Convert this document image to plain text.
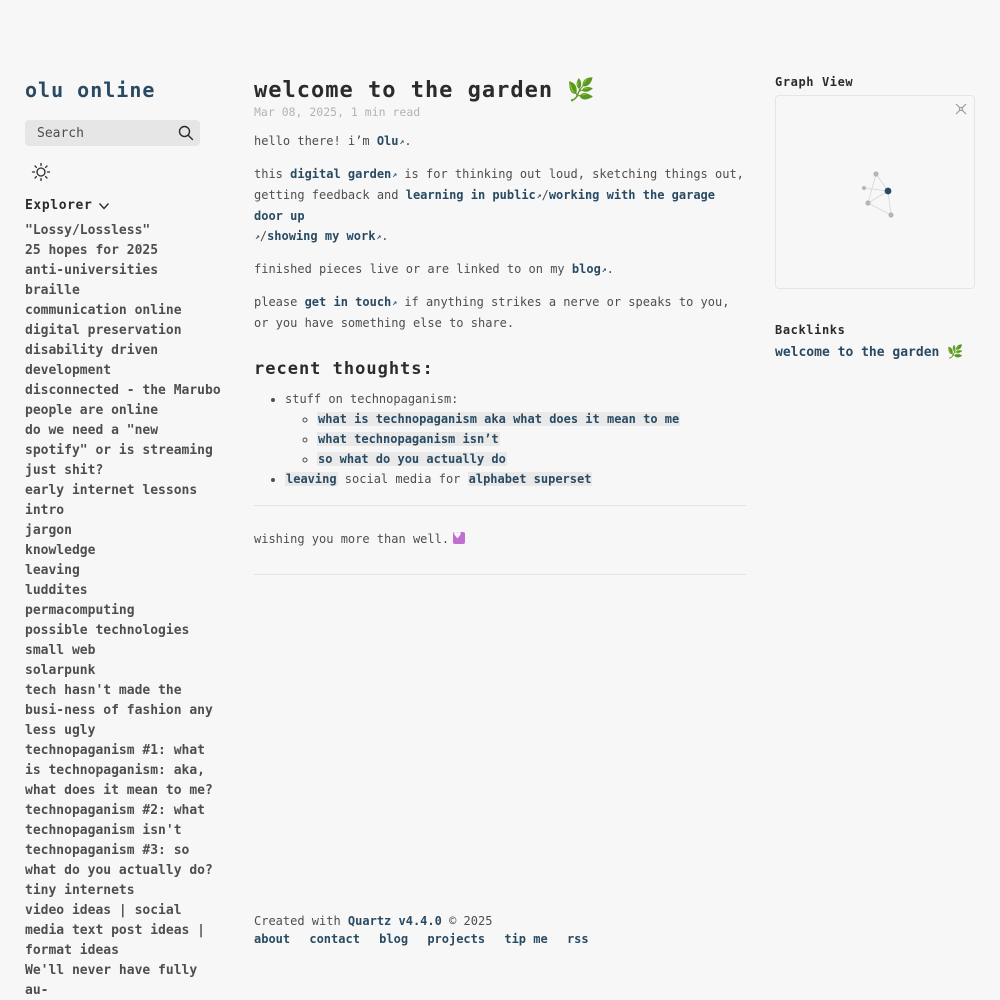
olu online
Search
Explorer
"Lossy/Lossless"
25 hopes for 2025
anti-universities
braille
communication online
digital preservation
disability driven development
disconnected - the Marubo people are online
do we need a "new spotify" or is streaming just shit?
early internet lessons
intro
jargon
knowledge
leaving
luddites
permacomputing
possible technologies
small web
solarpunk
tech hasn't made the busi-ness of fashion any less ugly
technopaganism #1: what is technopaganism: aka, what does it mean to me?
technopaganism #2: what technopaganism isn't
technopaganism #3: so what do you actually do?
tiny internets
video ideas | social media text post ideas | format ideas
We'll never have fully au-
welcome to the garden 🌿
Mar 08, 2025, 1 min read

hello there! i’m Olu↗.

this digital garden↗ is for thinking out loud, sketching things out, getting feedback and learning in public↗/working with the garage door up
↗/showing my work↗.

finished pieces live or are linked to on my blog↗.

please get in touch↗ if anything strikes a nerve or speaks to you, or you have something else to share.

recent thoughts:
• stuff on technopaganism:
◦ what is technopaganism aka what does it mean to me
◦ what technopaganism isn’t
◦ so what do you actually do
• leaving social media for alphabet superset
wishing you more than well.♥
Created with Quartz v4.4.0 © 2025
about contact blog projects tip me rss
Graph View
Backlinks
welcome to the garden 🌿
